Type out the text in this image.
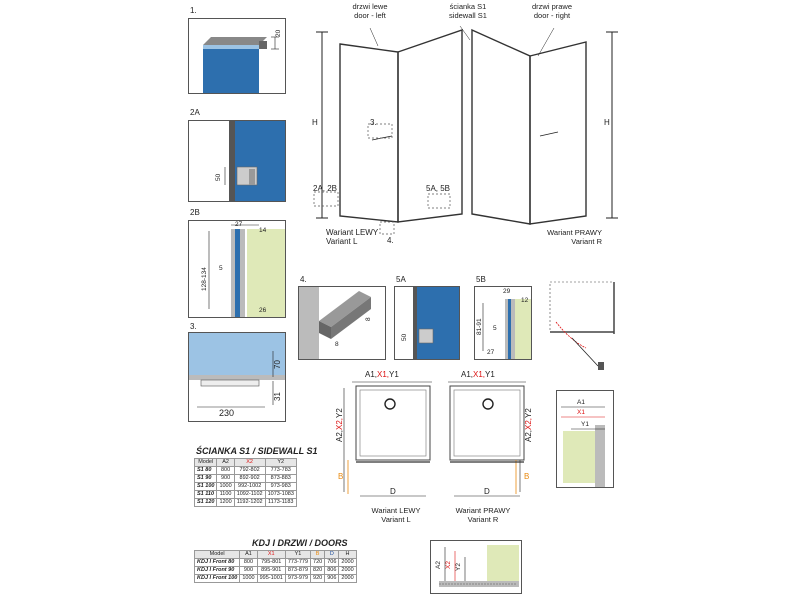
1.
20
2A
50
2B
27
14
128-134 5
26
3.
70
31
230
drzwi lewe
door - left
ścianka S1
sidewall S1
drzwi prawe
door - right
H	H
3.
2A, 2B	5A, 5B
4.
Wariant LEWY
Variant L
Wariant PRAWY
Variant R
4.
8
8
5A
50
5B
29
12
81-91 5
27
A1, X1, Y1	A1, X1, Y1
A2,
X2,
Y2
A2,
X2,
Y2
B	B
D	D
Wariant LEWY
Variant L
Wariant PRAWY
Variant R
A1
X1
Y1
ŚCIANKA S1 / SIDEWALL S1
Model	A2	X2	Y2
S1 80	800	792-802	773-783
S1 90	900	892-902	873-883
S1 100	1000	992-1002	973-983
S1 110	1100	1092-1102	1073-1083
S1 120	1200	1192-1202	1173-1183
KDJ I DRZWI / DOORS
Model	A1	X1	Y1	B	D	H
KDJ I Front 80	800	795-801	773-779	720	706	2000
KDJ I Front 90	900	895-901	873-879	820	806	2000
KDJ I Front 100	1000	995-1001	973-979	920	906	2000
A2 X2 Y2
